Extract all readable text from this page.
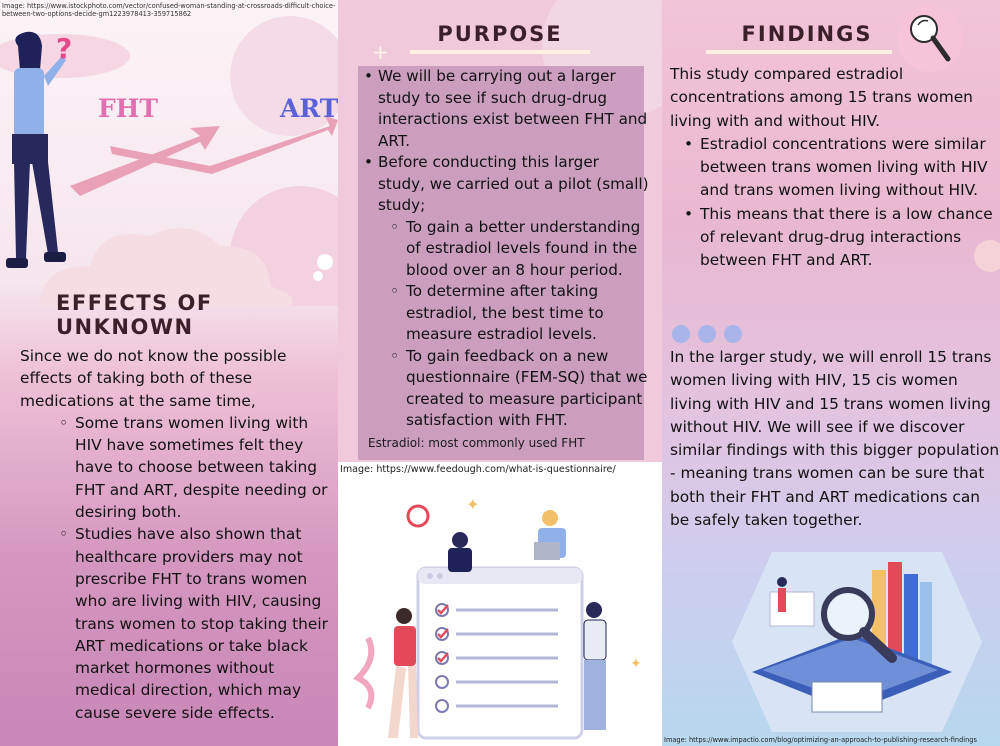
Image: https://www.istockphoto.com/vector/confused-woman-standing-at-crossroads-difficult-choice-between-two-options-decide-gm1223978413-359715862
?
FHT	ART
EFFECTS OF UNKNOWN

Since we do not know the possible effects of taking both of these medications at the same time,

◦ Some trans women living with HIV have sometimes felt they have to choose between taking FHT and ART, despite needing or desiring both.
◦ Studies have also shown that healthcare providers may not prescribe FHT to trans women who are living with HIV, causing trans women to stop taking their ART medications or take black market hormones without medical direction, which may cause severe side effects.
+
PURPOSE
• We will be carrying out a larger study to see if such drug-drug interactions exist between FHT and ART.
• Before conducting this larger study, we carried out a pilot (small) study;
◦ To gain a better understanding of estradiol levels found in the blood over an 8 hour period.
◦ To determine after taking estradiol, the best time to measure estradiol levels.
◦ To gain feedback on a new questionnaire (FEM-SQ) that we created to measure participant satisfaction with FHT.
Estradiol: most commonly used FHT
Image: https://www.feedough.com/what-is-questionnaire/
✦
✦
FINDINGS

This study compared estradiol concentrations among 15 trans women living with and without HIV.

• Estradiol concentrations were similar between trans women living with HIV and trans women living without HIV.
• This means that there is a low chance of relevant drug-drug interactions between FHT and ART.

In the larger study, we will enroll 15 trans women living with HIV, 15 cis women living with HIV and 15 trans women living without HIV. We will see if we discover similar findings with this bigger population - meaning trans women can be sure that both their FHT and ART medications can be safely taken together.

Image: https://www.impactio.com/blog/optimizing-an-approach-to-publishing-research-findings
